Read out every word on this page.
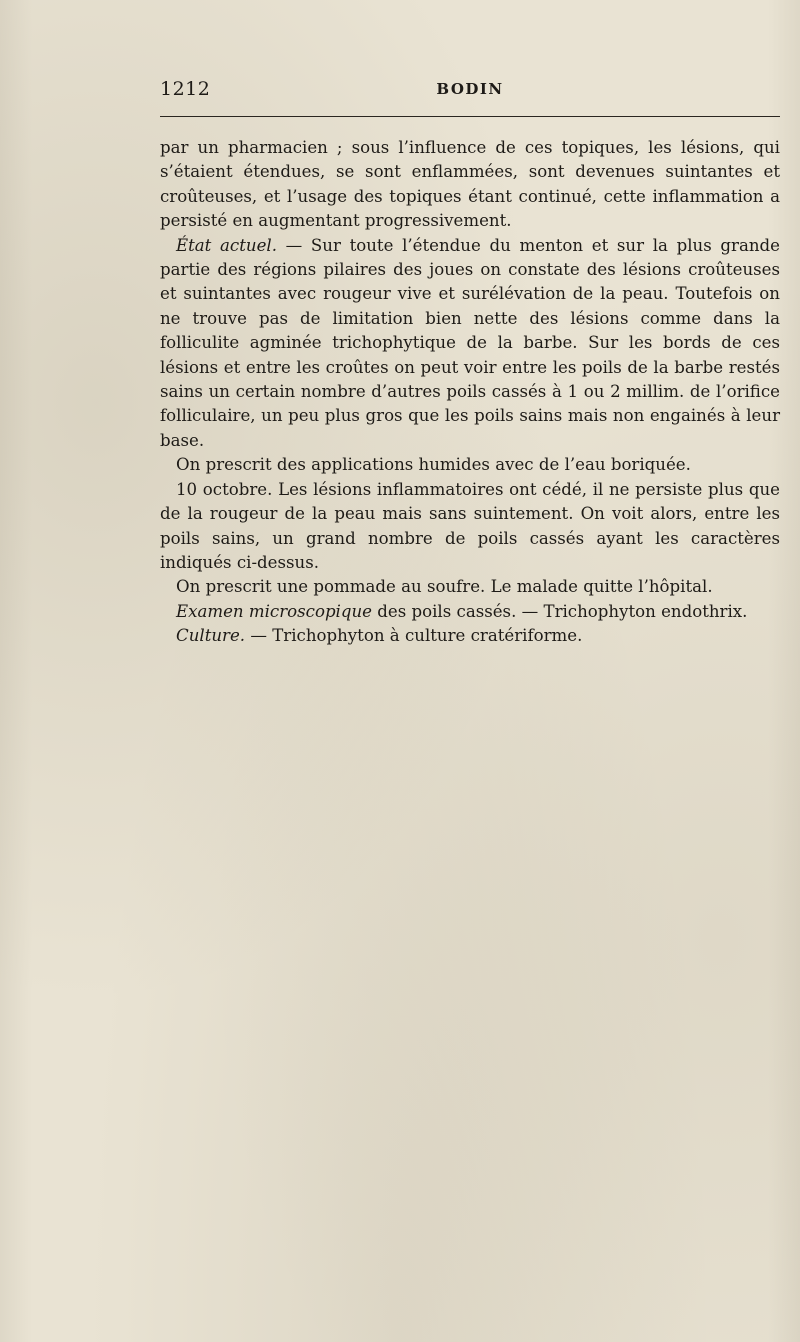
1212	BODIN

par un pharmacien ; sous l’influence de ces topiques, les lésions, qui s’étaient étendues, se sont enflammées, sont devenues suintantes et croûteuses, et l’usage des topiques étant continué, cette inflammation a persisté en augmentant progressivement.

État actuel. — Sur toute l’étendue du menton et sur la plus grande partie des régions pilaires des joues on constate des lésions croûteuses et suintantes avec rougeur vive et surélévation de la peau. Toutefois on ne trouve pas de limitation bien nette des lésions comme dans la folliculite agminée trichophytique de la barbe. Sur les bords de ces lésions et entre les croûtes on peut voir entre les poils de la barbe restés sains un certain nombre d’autres poils cassés à 1 ou 2 millim. de l’orifice folliculaire, un peu plus gros que les poils sains mais non engainés à leur base.

On prescrit des applications humides avec de l’eau boriquée.

10 octobre. Les lésions inflammatoires ont cédé, il ne persiste plus que de la rougeur de la peau mais sans suintement. On voit alors, entre les poils sains, un grand nombre de poils cassés ayant les caractères indiqués ci-dessus.

On prescrit une pommade au soufre. Le malade quitte l’hôpital.

Examen microscopique des poils cassés. — Trichophyton endothrix.

Culture. — Trichophyton à culture cratériforme.
